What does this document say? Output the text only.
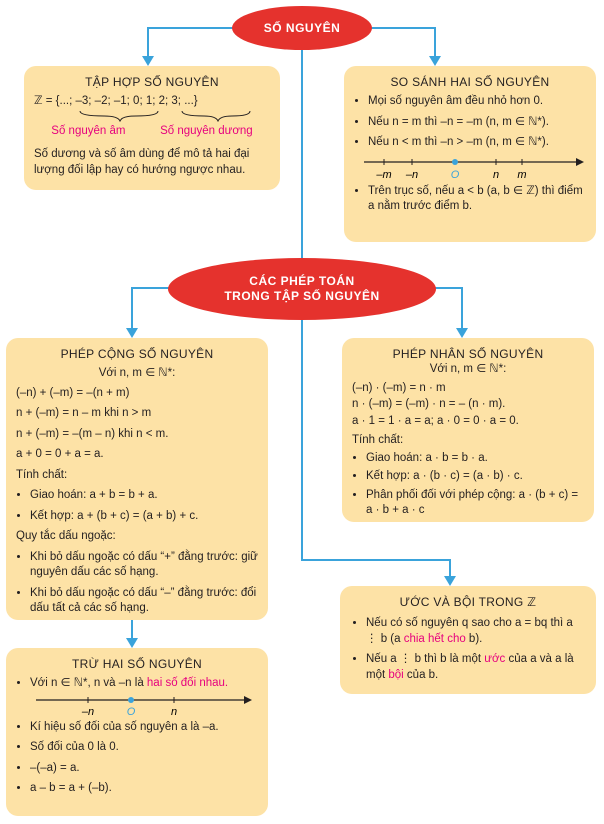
SỐ NGUYÊN
TẬP HỢP SỐ NGUYÊN
ℤ = {...; –3; –2; –1; 0; 1; 2; 3; ...}
Số nguyên âm	Số nguyên dương
Số dương và số âm dùng để mô tả hai đại lượng đối lập hay có hướng ngược nhau.
SO SÁNH HAI SỐ NGUYÊN
• Mọi số nguyên âm đều nhỏ hơn 0.
• Nếu n = m thì –n = –m (n, m ∈ ℕ*).
• Nếu n < m thì –n > –m (n, m ∈ ℕ*).
–m –n	O	n m
• Trên trục số, nếu a < b (a, b ∈ ℤ) thì điểm a nằm trước điểm b.
CÁC PHÉP TOÁN
TRONG TẬP SỐ NGUYÊN
PHÉP CỘNG SỐ NGUYÊN
Với n, m ∈ ℕ*:
(–n) + (–m) = –(n + m)
n + (–m) = n – m khi n > m
n + (–m) = –(m – n) khi n < m.
a + 0 = 0 + a = a.
Tính chất:
• Giao hoán: a + b = b + a.
• Kết hợp: a + (b + c) = (a + b) + c.
Quy tắc dấu ngoặc:
• Khi bỏ dấu ngoặc có dấu “+” đằng trước: giữ nguyên dấu các số hạng.
• Khi bỏ dấu ngoặc có dấu “–” đằng trước: đổi dấu tất cả các số hạng.
PHÉP NHÂN SỐ NGUYÊN
Với n, m ∈ ℕ*:
(–n) · (–m) = n · m
n · (–m) = (–m) · n = – (n · m).
a · 1 = 1 · a = a; a · 0 = 0 · a = 0.
Tính chất:
• Giao hoán: a · b = b · a.
• Kết hợp: a · (b · c) = (a · b) · c.
• Phân phối đối với phép cộng: a · (b + c) = a · b + a · c
ƯỚC VÀ BỘI TRONG ℤ
• Nếu có số nguyên q sao cho a = bq thì a ⋮ b (a chia hết cho b).
• Nếu a ⋮ b thì b là một ước của a và a là một bội của b.
TRỪ HAI SỐ NGUYÊN
• Với n ∈ ℕ*, n và –n là hai số đối nhau.
–n	O	n
• Kí hiệu số đối của số nguyên a là –a.
• Số đối của 0 là 0.
• –(–a) = a.
• a – b = a + (–b).
